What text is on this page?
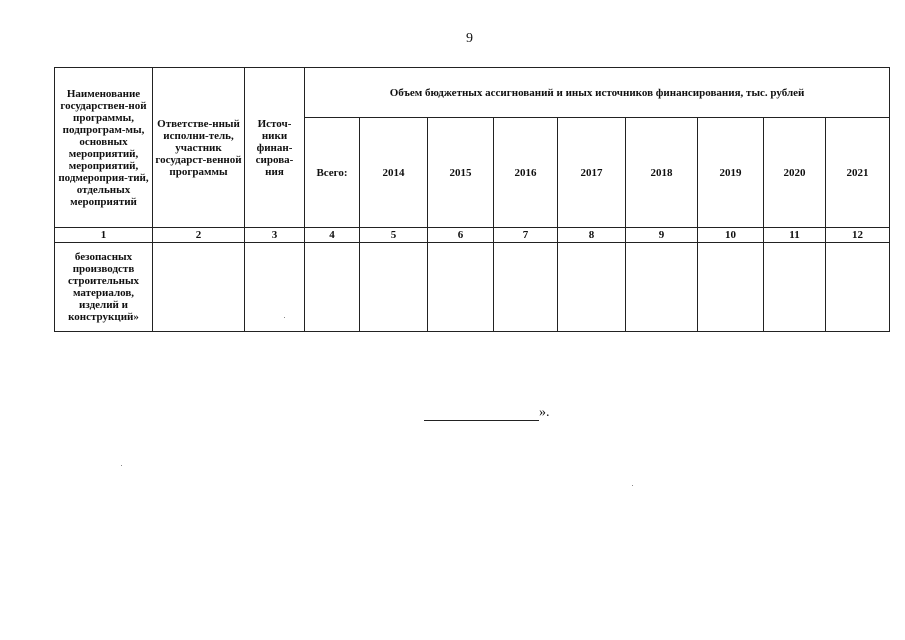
9
Наименование государствен-ной программы, подпрограм-мы, основных мероприятий, мероприятий, подмероприя-тий, отдельных мероприятий	Ответстве-нный исполни-тель, участник государст-венной программы	Источ-ники финан-сирова-ния	Объем бюджетных ассигнований и иных источников финансирования, тыс. рублей								
			Всего:	2014	2015	2016	2017	2018	2019	2020	2021
1	2	3	4	5	6	7	8	9	10	11	12
безопасных производств строительных материалов, изделий и конструкций»											
».
